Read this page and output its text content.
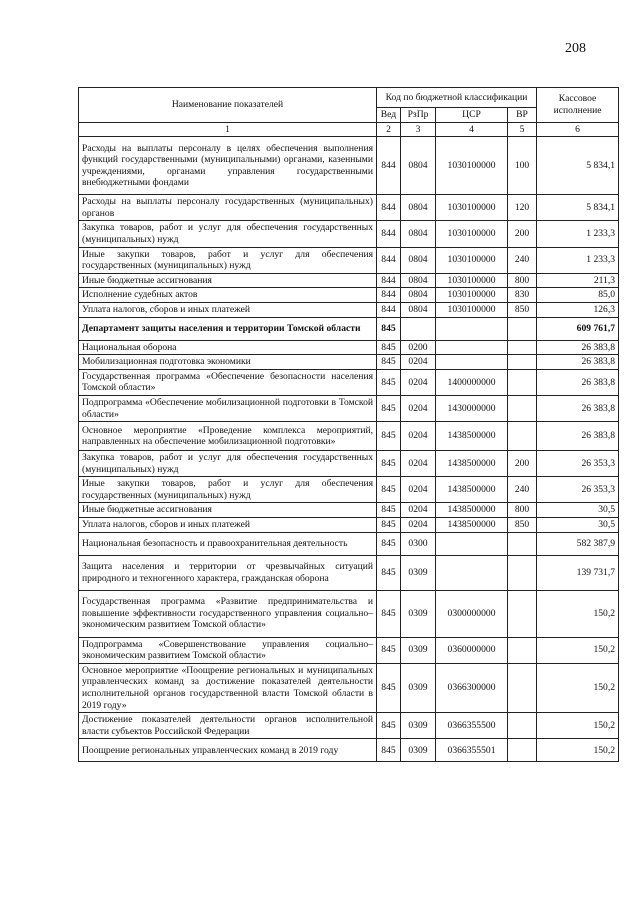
208
Наименование показателей	Код по бюджетной классификации				Кассовое исполнение
	Вед	РзПр	ЦСР	ВР	
1	2	3	4	5	6
Расходы на выплаты персоналу в целях обеспечения выполнения функций государственными (муниципальными) органами, казенными учреждениями, органами управления государственными внебюджетными фондами	844	0804	1030100000	100	5 834,1
Расходы на выплаты персоналу государственных (муниципальных) органов	844	0804	1030100000	120	5 834,1
Закупка товаров, работ и услуг для обеспечения государственных (муниципальных) нужд	844	0804	1030100000	200	1 233,3
Иные закупки товаров, работ и услуг для обеспечения государственных (муниципальных) нужд	844	0804	1030100000	240	1 233,3
Иные бюджетные ассигнования	844	0804	1030100000	800	211,3
Исполнение судебных актов	844	0804	1030100000	830	85,0
Уплата налогов, сборов и иных платежей	844	0804	1030100000	850	126,3
Департамент защиты населения и территории Томской области	845				609 761,7
Национальная оборона	845	0200			26 383,8
Мобилизационная подготовка экономики	845	0204			26 383,8
Государственная программа «Обеспечение безопасности населения Томской области»	845	0204	1400000000		26 383,8
Подпрограмма «Обеспечение мобилизационной подготовки в Томской области»	845	0204	1430000000		26 383,8
Основное мероприятие «Проведение комплекса мероприятий, направленных на обеспечение мобилизационной подготовки»	845	0204	1438500000		26 383,8
Закупка товаров, работ и услуг для обеспечения государственных (муниципальных) нужд	845	0204	1438500000	200	26 353,3
Иные закупки товаров, работ и услуг для обеспечения государственных (муниципальных) нужд	845	0204	1438500000	240	26 353,3
Иные бюджетные ассигнования	845	0204	1438500000	800	30,5
Уплата налогов, сборов и иных платежей	845	0204	1438500000	850	30,5
Национальная безопасность и правоохранительная деятельность	845	0300			582 387,9
Защита населения и территории от чрезвычайных ситуаций природного и техногенного характера, гражданская оборона	845	0309			139 731,7
Государственная программа «Развитие предпринимательства и повышение эффективности государственного управления социально–экономическим развитием Томской области»	845	0309	0300000000		150,2
Подпрограмма «Совершенствование управления социально–экономическим развитием Томской области»	845	0309	0360000000		150,2
Основное мероприятие «Поощрение региональных и муниципальных управленческих команд за достижение показателей деятельности исполнительной органов государственной власти Томской области в 2019 году»	845	0309	0366300000		150,2
Достижение показателей деятельности органов исполнительной власти субъектов Российской Федерации	845	0309	0366355500		150,2
Поощрение региональных управленческих команд в 2019 году	845	0309	0366355501		150,2
